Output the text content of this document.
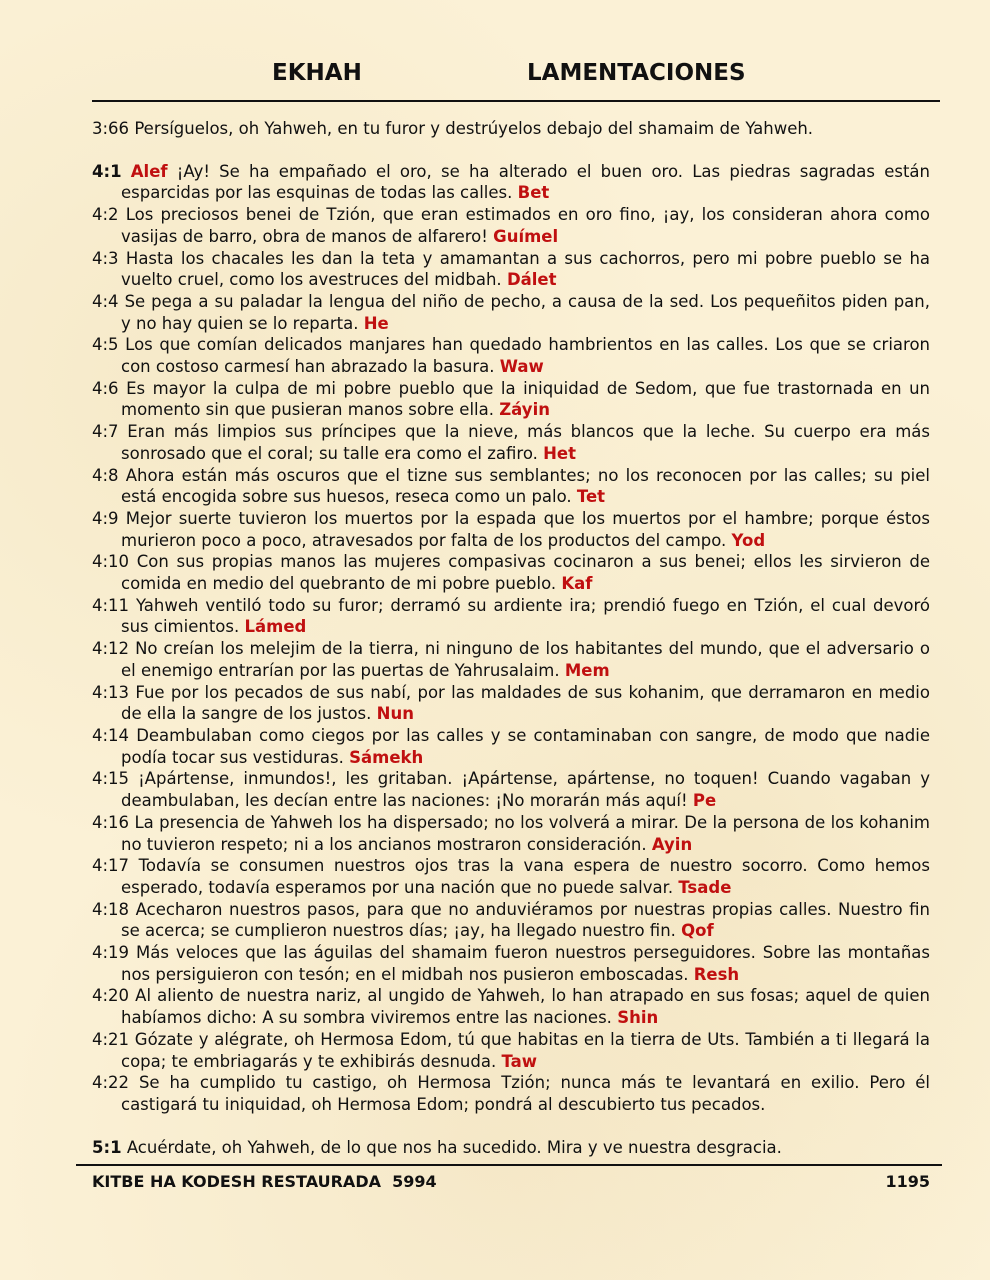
EKHAH	LAMENTACIONES

3:66 Persíguelos, oh Yahweh, en tu furor y destrúyelos debajo del shamaim de Yahweh.

4:1 Alef ¡Ay! Se ha empañado el oro, se ha alterado el buen oro. Las piedras sagradas están esparcidas por las esquinas de todas las calles. Bet

4:2 Los preciosos benei de Tzión, que eran estimados en oro fino, ¡ay, los consideran ahora como vasijas de barro, obra de manos de alfarero! Guímel

4:3 Hasta los chacales les dan la teta y amamantan a sus cachorros, pero mi pobre pueblo se ha vuelto cruel, como los avestruces del midbah. Dálet

4:4 Se pega a su paladar la lengua del niño de pecho, a causa de la sed. Los pequeñitos piden pan, y no hay quien se lo reparta. He

4:5 Los que comían delicados manjares han quedado hambrientos en las calles. Los que se criaron con costoso carmesí han abrazado la basura. Waw

4:6 Es mayor la culpa de mi pobre pueblo que la iniquidad de Sedom, que fue trastornada en un momento sin que pusieran manos sobre ella. Záyin

4:7 Eran más limpios sus príncipes que la nieve, más blancos que la leche. Su cuerpo era más sonrosado que el coral; su talle era como el zafiro. Het

4:8 Ahora están más oscuros que el tizne sus semblantes; no los reconocen por las calles; su piel está encogida sobre sus huesos, reseca como un palo. Tet

4:9 Mejor suerte tuvieron los muertos por la espada que los muertos por el hambre; porque éstos murieron poco a poco, atravesados por falta de los productos del campo. Yod

4:10 Con sus propias manos las mujeres compasivas cocinaron a sus benei; ellos les sirvieron de comida en medio del quebranto de mi pobre pueblo. Kaf

4:11 Yahweh ventiló todo su furor; derramó su ardiente ira; prendió fuego en Tzión, el cual devoró sus cimientos. Lámed

4:12 No creían los melejim de la tierra, ni ninguno de los habitantes del mundo, que el adversario o el enemigo entrarían por las puertas de Yahrusalaim. Mem

4:13 Fue por los pecados de sus nabí, por las maldades de sus kohanim, que derramaron en medio de ella la sangre de los justos. Nun

4:14 Deambulaban como ciegos por las calles y se contaminaban con sangre, de modo que nadie podía tocar sus vestiduras. Sámekh

4:15 ¡Apártense, inmundos!, les gritaban. ¡Apártense, apártense, no toquen! Cuando vagaban y deambulaban, les decían entre las naciones: ¡No morarán más aquí! Pe

4:16 La presencia de Yahweh los ha dispersado; no los volverá a mirar. De la persona de los kohanim no tuvieron respeto; ni a los ancianos mostraron consideración. Ayin

4:17 Todavía se consumen nuestros ojos tras la vana espera de nuestro socorro. Como hemos esperado, todavía esperamos por una nación que no puede salvar. Tsade

4:18 Acecharon nuestros pasos, para que no anduviéramos por nuestras propias calles. Nuestro fin se acerca; se cumplieron nuestros días; ¡ay, ha llegado nuestro fin. Qof

4:19 Más veloces que las águilas del shamaim fueron nuestros perseguidores. Sobre las montañas nos persiguieron con tesón; en el midbah nos pusieron emboscadas. Resh

4:20 Al aliento de nuestra nariz, al ungido de Yahweh, lo han atrapado en sus fosas; aquel de quien habíamos dicho: A su sombra viviremos entre las naciones. Shin

4:21 Gózate y alégrate, oh Hermosa Edom, tú que habitas en la tierra de Uts. También a ti llegará la copa; te embriagarás y te exhibirás desnuda. Taw

4:22 Se ha cumplido tu castigo, oh Hermosa Tzión; nunca más te levantará en exilio. Pero él castigará tu iniquidad, oh Hermosa Edom; pondrá al descubierto tus pecados.

5:1 Acuérdate, oh Yahweh, de lo que nos ha sucedido. Mira y ve nuestra desgracia.

KITBE HA KODESH RESTAURADA  5994	1195
